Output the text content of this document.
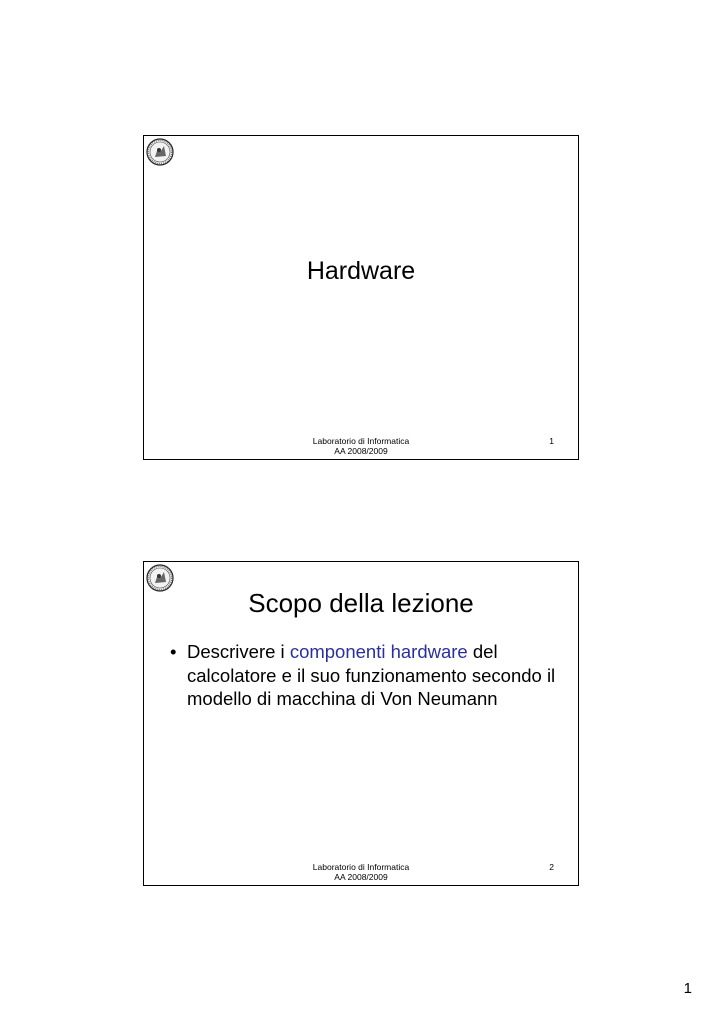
Hardware
Laboratorio di Informatica
AA 2008/2009
1
Scopo della lezione
• Descrivere i componenti hardware del calcolatore e il suo funzionamento secondo il modello di macchina di Von Neumann
Laboratorio di Informatica
AA 2008/2009
2
1
